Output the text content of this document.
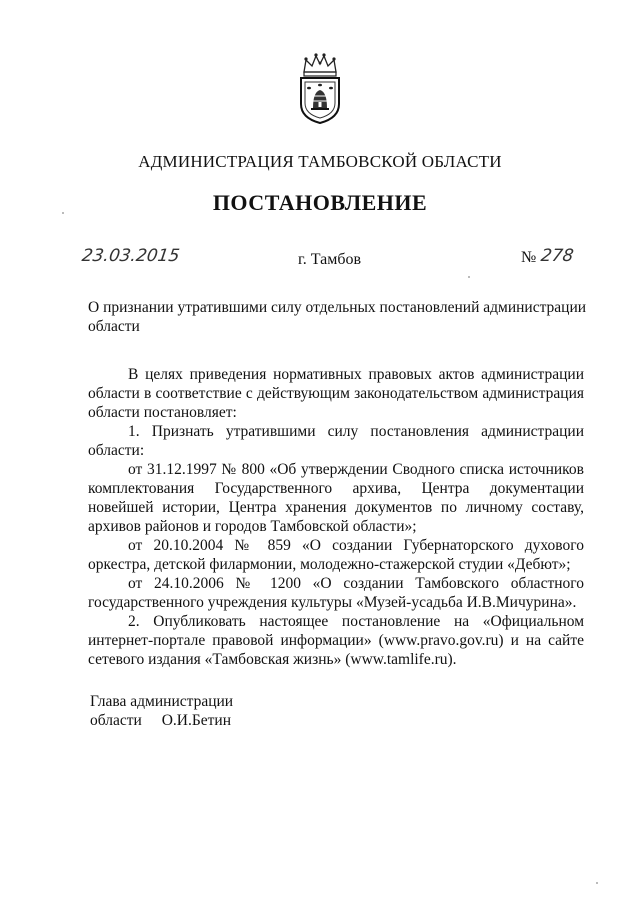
АДМИНИСТРАЦИЯ ТАМБОВСКОЙ ОБЛАСТИ
ПОСТАНОВЛЕНИЕ
23.03.2015	г. Тамбов	№ 278
О признании утратившими силу отдельных постановлений администрации области

В целях приведения нормативных правовых актов администрации области в соответствие с действующим законодательством администрация области постановляет:

1. Признать утратившими силу постановления администрации области:

от 31.12.1997 № 800 «Об утверждении Сводного списка источников комплектования Государственного архива, Центра документации новейшей истории, Центра хранения документов по личному составу, архивов районов и городов Тамбовской области»;

от 20.10.2004 № 859 «О создании Губернаторского духового оркестра, детской филармонии, молодежно-стажерской студии «Дебют»;

от 24.10.2006 № 1200 «О создании Тамбовского областного государственного учреждения культуры «Музей-усадьба И.В.Мичурина».

2. Опубликовать настоящее постановление на «Официальном интернет-портале правовой информации» (www.pravo.gov.ru) и на сайте сетевого издания «Тамбовская жизнь» (www.tamlife.ru).

Глава администрации
области О.И.Бетин
